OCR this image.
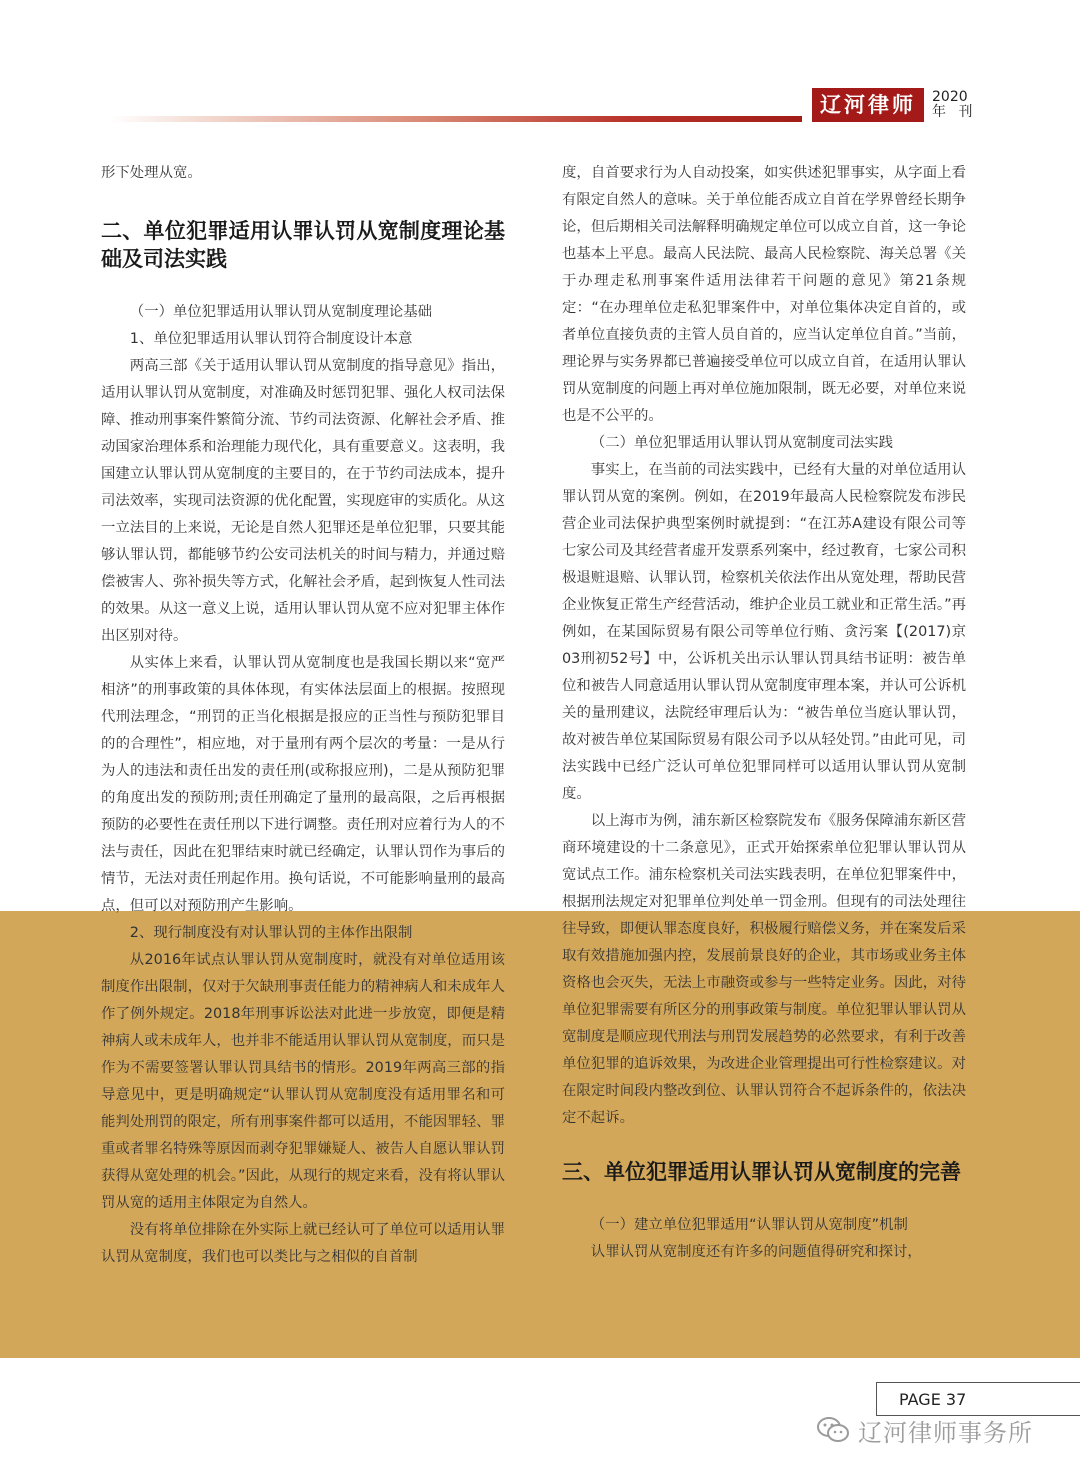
辽河律师	2020
年 刊

形下处理从宽。

二、单位犯罪适用认罪认罚从宽制度理论基础及司法实践

（一）单位犯罪适用认罪认罚从宽制度理论基础

1、单位犯罪适用认罪认罚符合制度设计本意

两高三部《关于适用认罪认罚从宽制度的指导意见》指出，适用认罪认罚从宽制度，对准确及时惩罚犯罪、强化人权司法保障、推动刑事案件繁简分流、节约司法资源、化解社会矛盾、推动国家治理体系和治理能力现代化，具有重要意义。这表明，我国建立认罪认罚从宽制度的主要目的，在于节约司法成本，提升司法效率，实现司法资源的优化配置，实现庭审的实质化。从这一立法目的上来说，无论是自然人犯罪还是单位犯罪，只要其能够认罪认罚，都能够节约公安司法机关的时间与精力，并通过赔偿被害人、弥补损失等方式，化解社会矛盾，起到恢复人性司法的效果。从这一意义上说，适用认罪认罚从宽不应对犯罪主体作出区别对待。

从实体上来看，认罪认罚从宽制度也是我国长期以来“宽严相济”的刑事政策的具体体现，有实体法层面上的根据。按照现代刑法理念，“刑罚的正当化根据是报应的正当性与预防犯罪目的的合理性”，相应地，对于量刑有两个层次的考量：一是从行为人的违法和责任出发的责任刑(或称报应刑)，二是从预防犯罪的角度出发的预防刑;责任刑确定了量刑的最高限，之后再根据预防的必要性在责任刑以下进行调整。责任刑对应着行为人的不法与责任，因此在犯罪结束时就已经确定，认罪认罚作为事后的情节，无法对责任刑起作用。换句话说，不可能影响量刑的最高点，但可以对预防刑产生影响。

2、现行制度没有对认罪认罚的主体作出限制

从2016年试点认罪认罚从宽制度时，就没有对单位适用该制度作出限制，仅对于欠缺刑事责任能力的精神病人和未成年人作了例外规定。2018年刑事诉讼法对此进一步放宽，即便是精神病人或未成年人，也并非不能适用认罪认罚从宽制度，而只是作为不需要签署认罪认罚具结书的情形。2019年两高三部的指导意见中，更是明确规定“认罪认罚从宽制度没有适用罪名和可能判处刑罚的限定，所有刑事案件都可以适用，不能因罪轻、罪重或者罪名特殊等原因而剥夺犯罪嫌疑人、被告人自愿认罪认罚获得从宽处理的机会。”因此，从现行的规定来看，没有将认罪认罚从宽的适用主体限定为自然人。

没有将单位排除在外实际上就已经认可了单位可以适用认罪认罚从宽制度，我们也可以类比与之相似的自首制

度，自首要求行为人自动投案，如实供述犯罪事实，从字面上看有限定自然人的意味。关于单位能否成立自首在学界曾经长期争论，但后期相关司法解释明确规定单位可以成立自首，这一争论也基本上平息。最高人民法院、最高人民检察院、海关总署《关于办理走私刑事案件适用法律若干问题的意见》第21条规定：“在办理单位走私犯罪案件中，对单位集体决定自首的，或者单位直接负责的主管人员自首的，应当认定单位自首。”当前，理论界与实务界都已普遍接受单位可以成立自首，在适用认罪认罚从宽制度的问题上再对单位施加限制，既无必要，对单位来说也是不公平的。

（二）单位犯罪适用认罪认罚从宽制度司法实践

事实上，在当前的司法实践中，已经有大量的对单位适用认罪认罚从宽的案例。例如，在2019年最高人民检察院发布涉民营企业司法保护典型案例时就提到：“在江苏A建设有限公司等七家公司及其经营者虚开发票系列案中，经过教育，七家公司积极退赃退赔、认罪认罚，检察机关依法作出从宽处理，帮助民营企业恢复正常生产经营活动，维护企业员工就业和正常生活。”再例如，在某国际贸易有限公司等单位行贿、贪污案【(2017)京03刑初52号】中，公诉机关出示认罪认罚具结书证明：被告单位和被告人同意适用认罪认罚从宽制度审理本案，并认可公诉机关的量刑建议，法院经审理后认为：“被告单位当庭认罪认罚，故对被告单位某国际贸易有限公司予以从轻处罚。”由此可见，司法实践中已经广泛认可单位犯罪同样可以适用认罪认罚从宽制度。

以上海市为例，浦东新区检察院发布《服务保障浦东新区营商环境建设的十二条意见》，正式开始探索单位犯罪认罪认罚从宽试点工作。浦东检察机关司法实践表明，在单位犯罪案件中，根据刑法规定对犯罪单位判处单一罚金刑。但现有的司法处理往往导致，即便认罪态度良好，积极履行赔偿义务，并在案发后采取有效措施加强内控，发展前景良好的企业，其市场或业务主体资格也会灭失，无法上市融资或参与一些特定业务。因此，对待单位犯罪需要有所区分的刑事政策与制度。单位犯罪认罪认罚从宽制度是顺应现代刑法与刑罚发展趋势的必然要求，有利于改善单位犯罪的追诉效果，为改进企业管理提出可行性检察建议。对在限定时间段内整改到位、认罪认罚符合不起诉条件的，依法决定不起诉。

三、单位犯罪适用认罪认罚从宽制度的完善

（一）建立单位犯罪适用“认罪认罚从宽制度”机制

认罪认罚从宽制度还有许多的问题值得研究和探讨，

PAGE 37
辽河律师事务所
